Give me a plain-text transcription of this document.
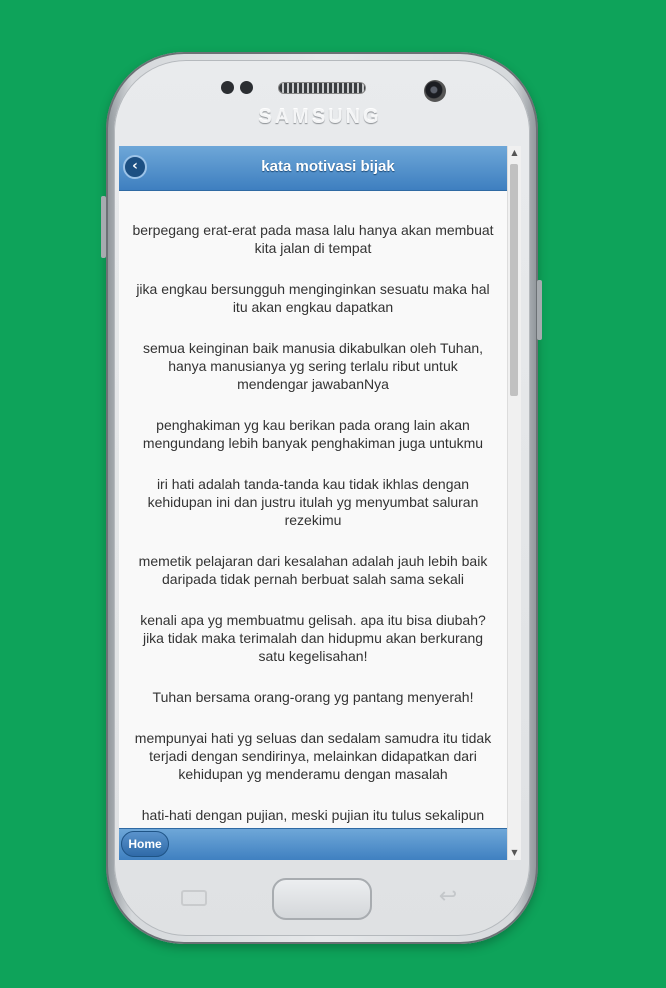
SAMSUNG
‹	kata motivasi bijak
berpegang erat-erat pada masa lalu hanya akan membuat kita jalan di tempat
jika engkau bersungguh menginginkan sesuatu maka hal itu akan engkau dapatkan
semua keinginan baik manusia dikabulkan oleh Tuhan, hanya manusianya yg sering terlalu ribut untuk mendengar jawabanNya
penghakiman yg kau berikan pada orang lain akan mengundang lebih banyak penghakiman juga untukmu
iri hati adalah tanda-tanda kau tidak ikhlas dengan kehidupan ini dan justru itulah yg menyumbat saluran rezekimu
memetik pelajaran dari kesalahan adalah jauh lebih baik daripada tidak pernah berbuat salah sama sekali
kenali apa yg membuatmu gelisah. apa itu bisa diubah? jika tidak maka terimalah dan hidupmu akan berkurang satu kegelisahan!
Tuhan bersama orang-orang yg pantang menyerah!
mempunyai hati yg seluas dan sedalam samudra itu tidak terjadi dengan sendirinya, melainkan didapatkan dari kehidupan yg menderamu dengan masalah
hati-hati dengan pujian, meski pujian itu tulus sekalipun
Home
▲
▼
↩
